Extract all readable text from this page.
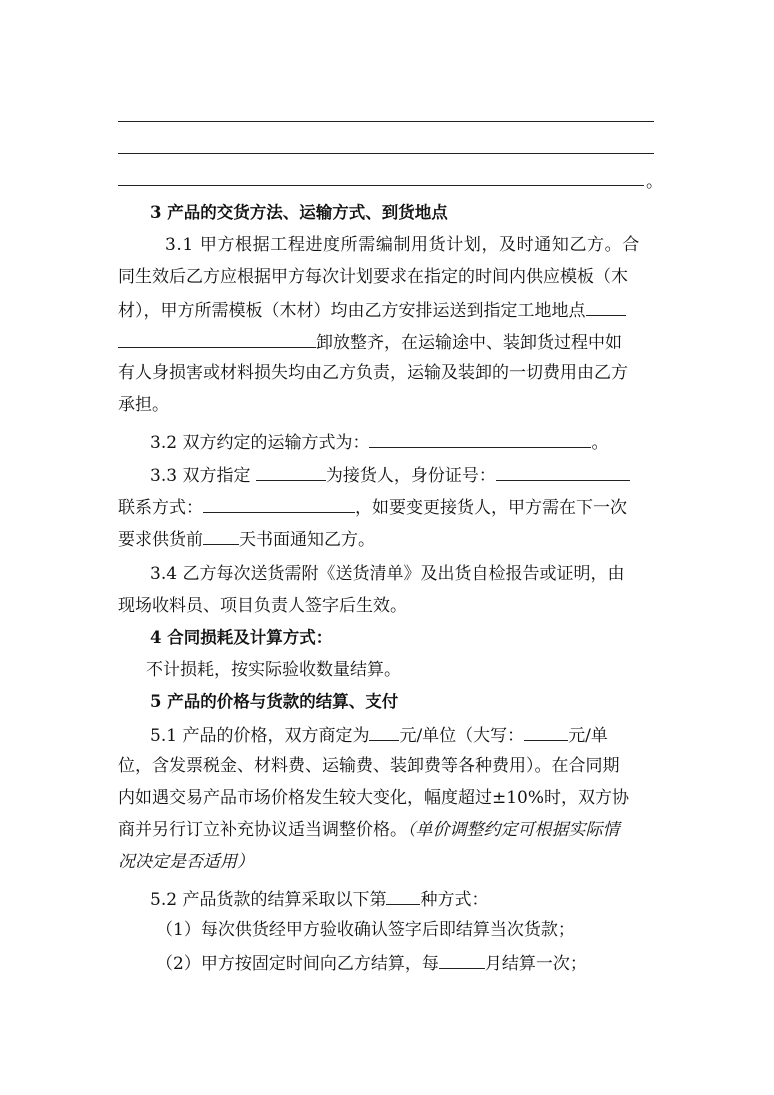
。
3 产品的交货方法、运输方式、到货地点
3.1 甲方根据工程进度所需编制用货计划，及时通知乙方。合
同生效后乙方应根据甲方每次计划要求在指定的时间内供应模板（木
材），甲方所需模板（木材）均由乙方安排运送到指定工地地点
卸放整齐，在运输途中、装卸货过程中如
有人身损害或材料损失均由乙方负责，运输及装卸的一切费用由乙方
承担。
3.2 双方约定的运输方式为：	。
3.3 双方指定	为接货人，身份证号：
联系方式：	，如要变更接货人，甲方需在下一次
要求供货前 天书面通知乙方。
3.4 乙方每次送货需附《送货清单》及出货自检报告或证明，由
现场收料员、项目负责人签字后生效。
4 合同损耗及计算方式：
不计损耗，按实际验收数量结算。
5 产品的价格与货款的结算、支付
5.1 产品的价格，双方商定为 元/单位（大写：	元/单
位，含发票税金、材料费、运输费、装卸费等各种费用）。在合同期
内如遇交易产品市场价格发生较大变化，幅度超过±10%时，双方协
商并另行订立补充协议适当调整价格。（单价调整约定可根据实际情
况决定是否适用）
5.2 产品货款的结算采取以下第 种方式：
（1）每次供货经甲方验收确认签字后即结算当次货款；
（2）甲方按固定时间向乙方结算，每	月结算一次；
